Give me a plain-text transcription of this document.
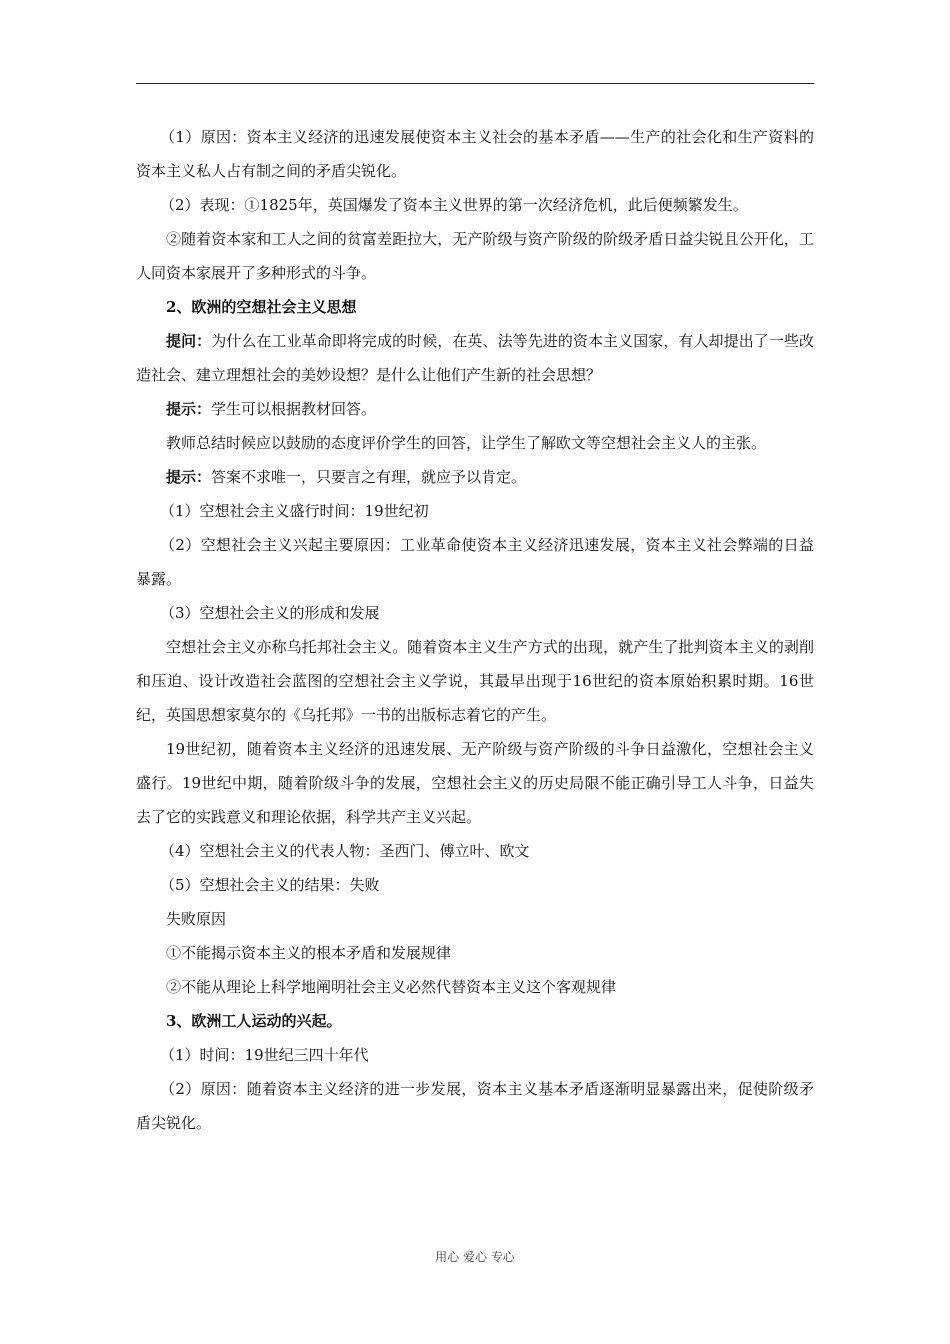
（1）原因：资本主义经济的迅速发展使资本主义社会的基本矛盾——生产的社会化和生产资料的资本主义私人占有制之间的矛盾尖锐化。

（2）表现：①1825年，英国爆发了资本主义世界的第一次经济危机，此后便频繁发生。

②随着资本家和工人之间的贫富差距拉大，无产阶级与资产阶级的阶级矛盾日益尖锐且公开化，工人同资本家展开了多种形式的斗争。

2、欧洲的空想社会主义思想

提问：为什么在工业革命即将完成的时候，在英、法等先进的资本主义国家，有人却提出了一些改造社会、建立理想社会的美妙设想？是什么让他们产生新的社会思想？

提示：学生可以根据教材回答。

教师总结时候应以鼓励的态度评价学生的回答，让学生了解欧文等空想社会主义人的主张。

提示：答案不求唯一，只要言之有理，就应予以肯定。

（1）空想社会主义盛行时间：19世纪初

（2）空想社会主义兴起主要原因：工业革命使资本主义经济迅速发展，资本主义社会弊端的日益暴露。

（3）空想社会主义的形成和发展

空想社会主义亦称乌托邦社会主义。随着资本主义生产方式的出现，就产生了批判资本主义的剥削和压迫、设计改造社会蓝图的空想社会主义学说，其最早出现于16世纪的资本原始积累时期。16世纪，英国思想家莫尔的《乌托邦》一书的出版标志着它的产生。

19世纪初，随着资本主义经济的迅速发展、无产阶级与资产阶级的斗争日益激化，空想社会主义盛行。19世纪中期，随着阶级斗争的发展，空想社会主义的历史局限不能正确引导工人斗争，日益失去了它的实践意义和理论依据，科学共产主义兴起。

（4）空想社会主义的代表人物：圣西门、傅立叶、欧文

（5）空想社会主义的结果：失败

失败原因

①不能揭示资本主义的根本矛盾和发展规律

②不能从理论上科学地阐明社会主义必然代替资本主义这个客观规律

3、欧洲工人运动的兴起。

（1）时间：19世纪三四十年代

（2）原因：随着资本主义经济的进一步发展，资本主义基本矛盾逐渐明显暴露出来，促使阶级矛盾尖锐化。

用心 爱心 专心
